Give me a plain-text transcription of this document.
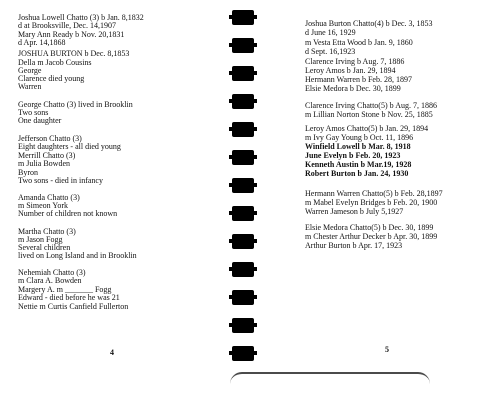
Joshua Lowell Chatto (3) b Jan. 8,1832
d at Brooksville, Dec. 14,1907
Mary Ann Ready b Nov. 20,1831
d Apr. 14,1868
JOSHUA BURTON b Dec. 8,1853
Della m Jacob Cousins
George
Clarence died young
Warren
George Chatto (3) lived in Brooklin
Two sons
One daughter
Jefferson Chatto (3)
Eight daughters - all died young
Merrill Chatto (3)
m Julia Bowden
Byron
Two sons - died in infancy
Amanda Chatto (3)
m Simeon York
Number of children not known
Martha Chatto (3)
m Jason Fogg
Several children
lived on Long Island and in Brooklin
Nehemiah Chatto (3)
m Clara A. Bowden
Margery A. m _______ Fogg
Edward - died before he was 21
Nettie m Curtis Canfield Fullerton
4
Joshua Burton Chatto(4) b Dec. 3, 1853
d June 16, 1929
m Vesta Etta Wood b Jan. 9, 1860
d Sept. 16,1923
Clarence Irving b Aug. 7, 1886
Leroy Amos b Jan. 29, 1894
Hermann Warren b Feb. 28, 1897
Elsie Medora b Dec. 30, 1899
Clarence Irving Chatto(5) b Aug. 7, 1886
m Lillian Norton Stone b Nov. 25, 1885
Leroy Amos Chatto(5) b Jan. 29, 1894
m Ivy Gay Young b Oct. 11, 1896
Winfield Lowell b Mar. 8, 1918
June Evelyn b Feb. 20, 1923
Kenneth Austin b Mar.19, 1928
Robert Burton b Jan. 24, 1930
Hermann Warren Chatto(5) b Feb. 28,1897
m Mabel Evelyn Bridges b Feb. 20, 1900
Warren Jameson b July 5,1927
Elsie Medora Chatto(5) b Dec. 30, 1899
m Chester Arthur Decker b Apr. 30, 1899
Arthur Burton b Apr. 17, 1923
5
